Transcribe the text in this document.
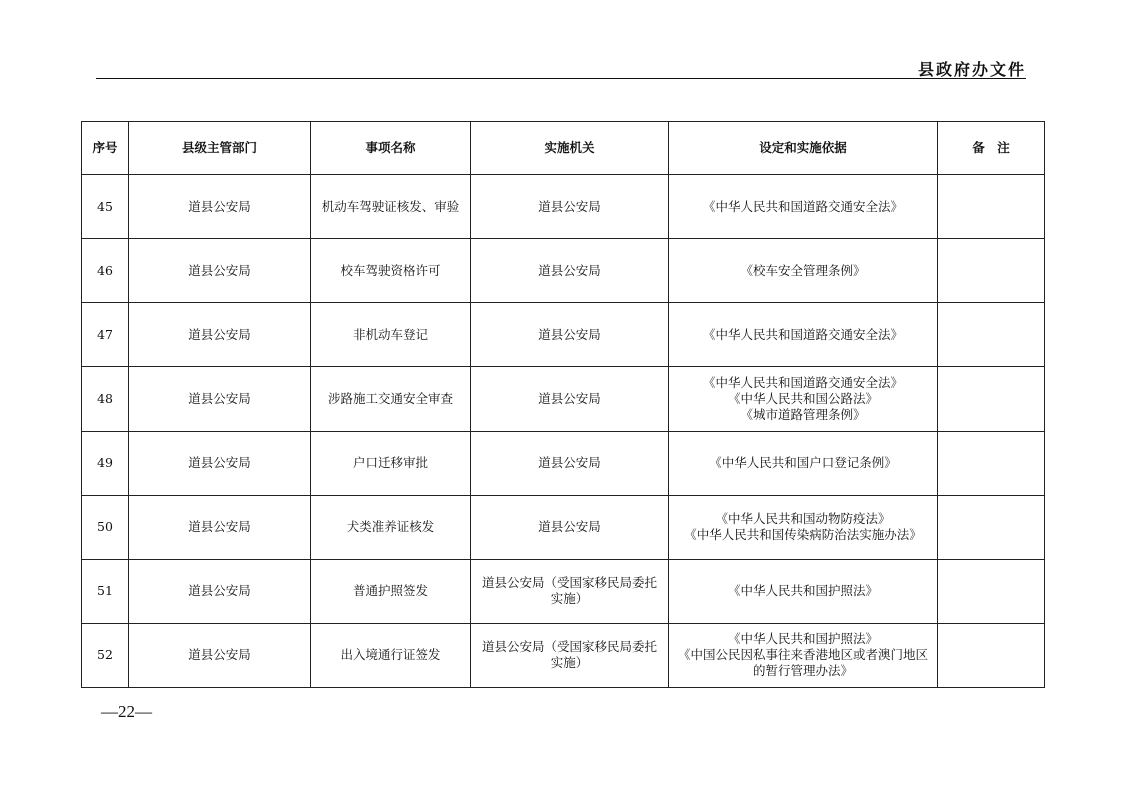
县政府办文件
序号	县级主管部门	事项名称	实施机关	设定和实施依据	备　注
45	道县公安局	机动车驾驶证核发、审验	道县公安局	《中华人民共和国道路交通安全法》	

46	道县公安局	校车驾驶资格许可	道县公安局	《校车安全管理条例》	

47	道县公安局	非机动车登记	道县公安局	《中华人民共和国道路交通安全法》	

48	道县公安局	涉路施工交通安全审查	道县公安局	《中华人民共和国道路交通安全法》
《中华人民共和国公路法》
《城市道路管理条例》	

49	道县公安局	户口迁移审批	道县公安局	《中华人民共和国户口登记条例》	

50	道县公安局	犬类准养证核发	道县公安局	《中华人民共和国动物防疫法》
《中华人民共和国传染病防治法实施办法》	

51	道县公安局	普通护照签发	道县公安局（受国家移民局委托实施）	《中华人民共和国护照法》	

52	道县公安局	出入境通行证签发	道县公安局（受国家移民局委托实施）	《中华人民共和国护照法》
《中国公民因私事往来香港地区或者澳门地区的暂行管理办法》	

—22—
